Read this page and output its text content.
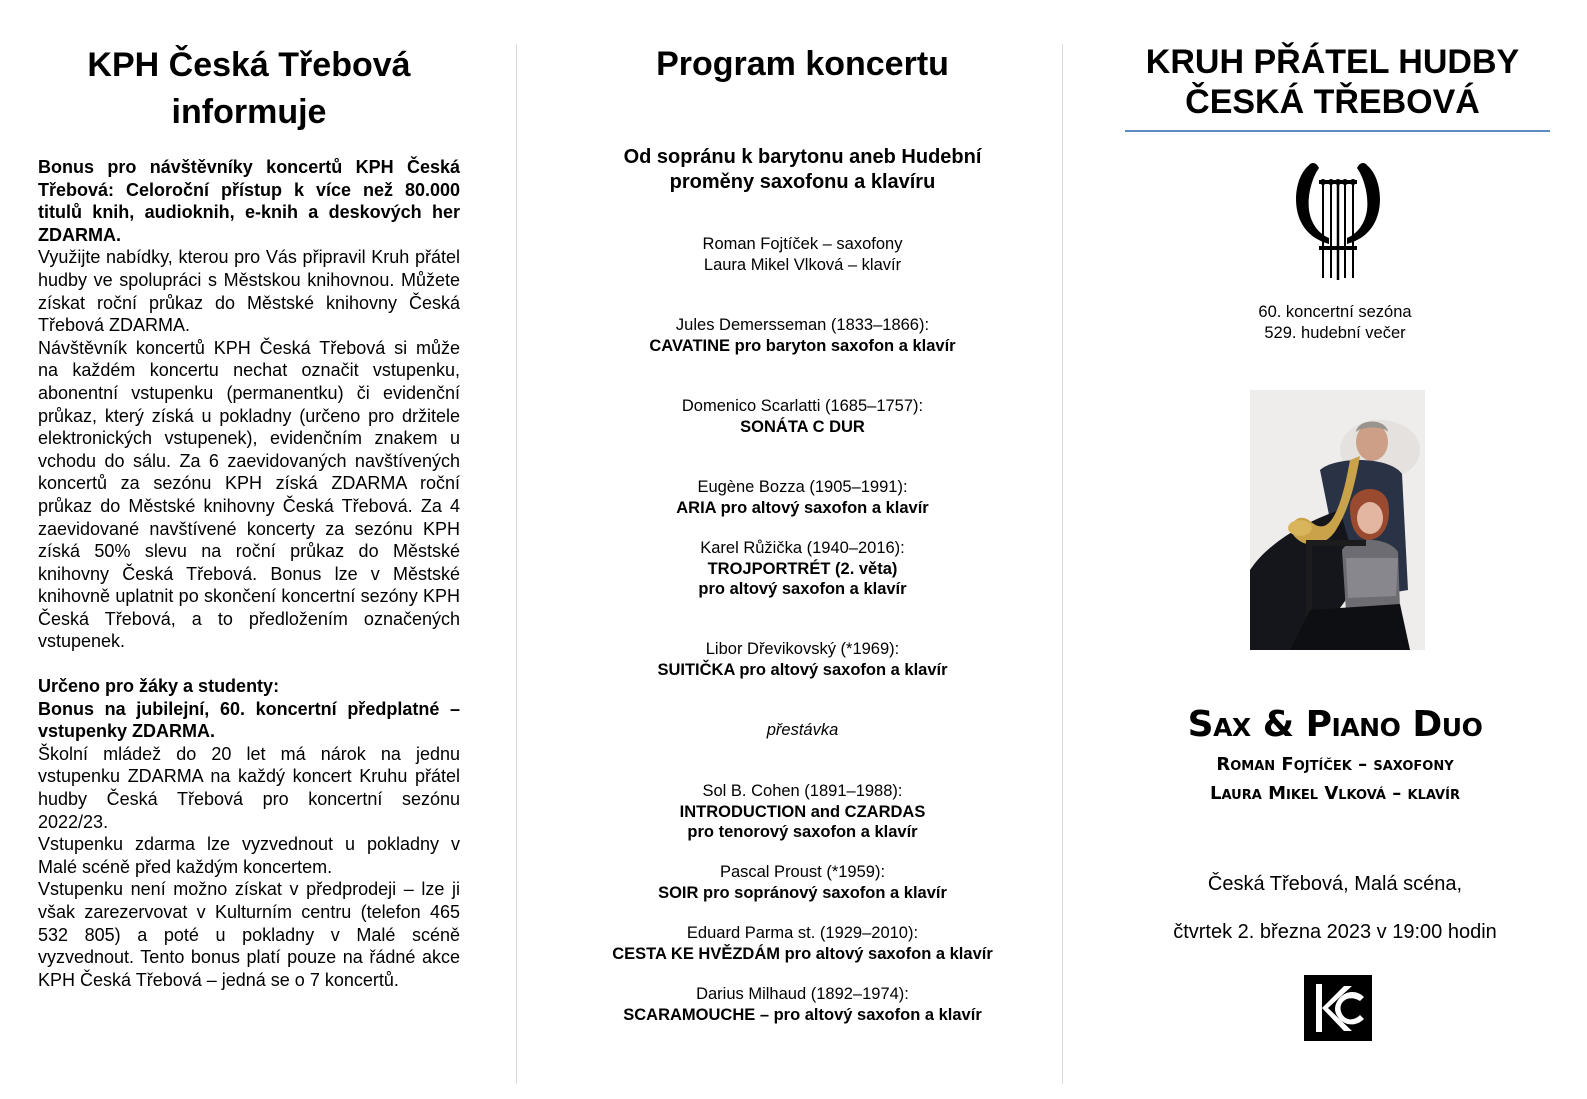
KPH Česká Třebová
informuje

Bonus pro návštěvníky koncertů KPH Česká Třebová: Celoroční přístup k více než 80.000 titulů knih, audioknih, e-knih a deskových her ZDARMA.

Využijte nabídky, kterou pro Vás připravil Kruh přátel hudby ve spolupráci s Městskou knihovnou. Můžete získat roční průkaz do Městské knihovny Česká Třebová ZDARMA.

Návštěvník koncertů KPH Česká Třebová si může na každém koncertu nechat označit vstupenku, abonentní vstupenku (permanentku) či evidenční průkaz, který získá u pokladny (určeno pro držitele elektronických vstupenek), evidenčním znakem u vchodu do sálu. Za 6 zaevidovaných navštívených koncertů za sezónu KPH získá ZDARMA roční průkaz do Městské knihovny Česká Třebová. Za 4 zaevidované navštívené koncerty za sezónu KPH získá 50% slevu na roční průkaz do Městské knihovny Česká Třebová. Bonus lze v Městské knihovně uplatnit po skončení koncertní sezóny KPH Česká Třebová, a to předložením označených vstupenek.

Určeno pro žáky a studenty:

Bonus na jubilejní, 60. koncertní předplatné – vstupenky ZDARMA.

Školní mládež do 20 let má nárok na jednu vstupenku ZDARMA na každý koncert Kruhu přátel hudby Česká Třebová pro koncertní sezónu 2022/23.

Vstupenku zdarma lze vyzvednout u pokladny v Malé scéně před každým koncertem.

Vstupenku není možno získat v předprodeji – lze ji však zarezervovat v Kulturním centru (telefon 465 532 805) a poté u pokladny v Malé scéně vyzvednout. Tento bonus platí pouze na řádné akce KPH Česká Třebová – jedná se o 7 koncertů.

Program koncertu
Od sopránu k barytonu aneb Hudební
proměny saxofonu a klavíru
Roman Fojtíček – saxofony
Laura Mikel Vlková – klavír
Jules Demersseman (1833–1866):
CAVATINE pro baryton saxofon a klavír
Domenico Scarlatti (1685–1757):
SONÁTA C DUR
Eugène Bozza (1905–1991):
ARIA pro altový saxofon a klavír
Karel Růžička (1940–2016):
TROJPORTRÉT (2. věta)
pro altový saxofon a klavír
Libor Dřevikovský (*1969):
SUITIČKA pro altový saxofon a klavír
přestávka
Sol B. Cohen (1891–1988):
INTRODUCTION and CZARDAS
pro tenorový saxofon a klavír
Pascal Proust (*1959):
SOIR pro sopránový saxofon a klavír
Eduard Parma st. (1929–2010):
CESTA KE HVĚZDÁM pro altový saxofon a klavír
Darius Milhaud (1892–1974):
SCARAMOUCHE – pro altový saxofon a klavír
KRUH PŘÁTEL HUDBY
ČESKÁ TŘEBOVÁ
60. koncertní sezóna
529. hudební večer
Sax & Piano Duo
Roman Fojtíček – saxofony
Laura Mikel Vlková – klavír
Česká Třebová, Malá scéna,
čtvrtek 2. března 2023 v 19:00 hodin
